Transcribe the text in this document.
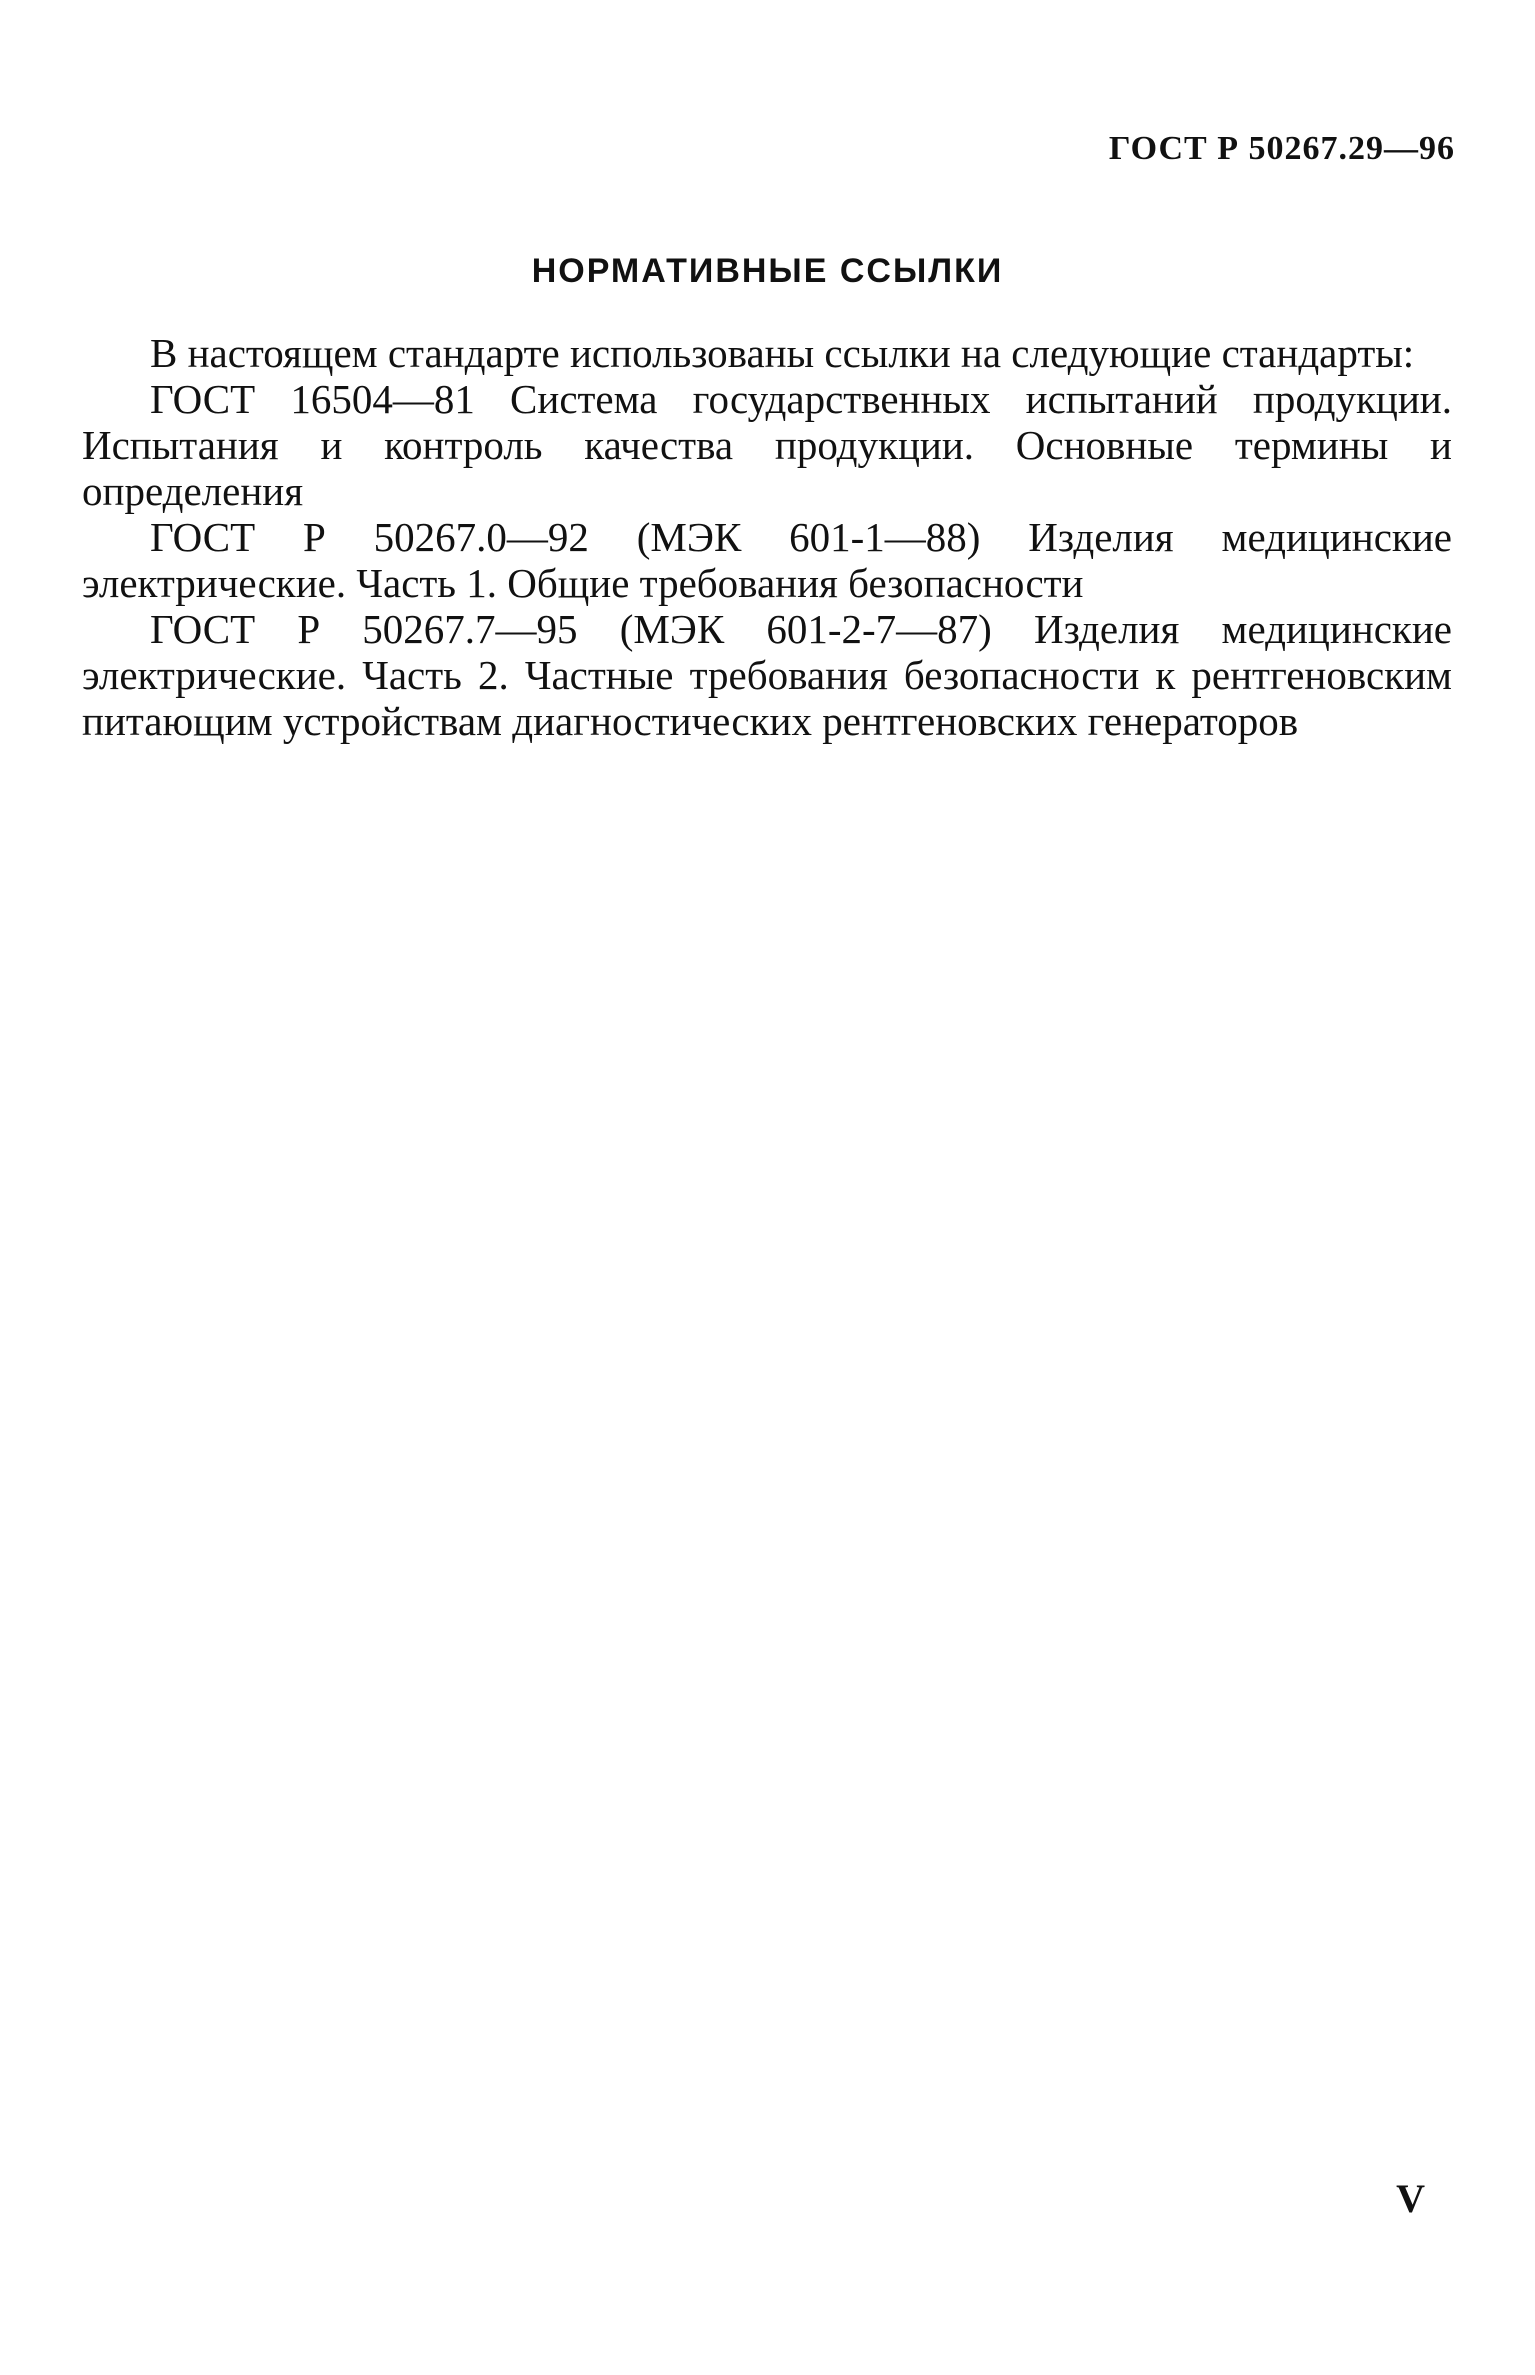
ГОСТ Р 50267.29—96
НОРМАТИВНЫЕ ССЫЛКИ

В настоящем стандарте использованы ссылки на следующие стандарты:

ГОСТ 16504—81 Система государственных испытаний продукции. Испытания и контроль качества продукции. Основные термины и определения

ГОСТ Р 50267.0—92 (МЭК 601-1—88) Изделия медицинские электрические. Часть 1. Общие требования безопасности

ГОСТ Р 50267.7—95 (МЭК 601-2-7—87) Изделия медицинские электрические. Часть 2. Частные требования безопасности к рентгеновским питающим устройствам диагностических рентгеновских генераторов

V
